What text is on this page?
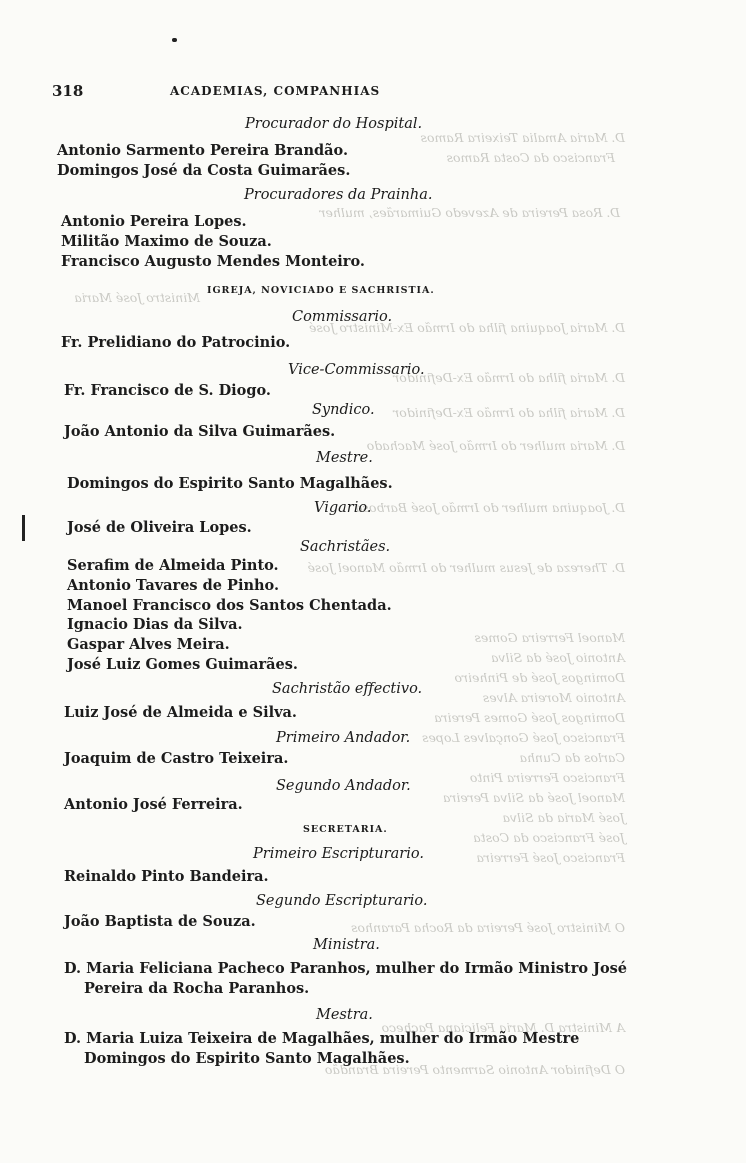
D. Maria Amalia Teixeira Ramos
Francisco da Costa Ramos
D. Rosa Pereira de Azevedo Guimarães, mulher
Ministro José Maria
D. Maria Joaquina filha do Irmão Ex-Ministro José
D. Maria filha do Irmão Ex-Definidor
D. Maria filha do Irmão Ex-Definidor
D. Maria mulher do Irmão José Machado
D. Joaquina mulher do Irmão José Barbosa
D. Thereza de Jesus mulher do Irmão Manoel José
Manoel Ferreira Gomes
Antonio José da Silva
Domingos José de Pinheiro
Antonio Moreira Alves
Domingos José Gomes Pereira
Francisco José Gonçalves Lopes
Carlos da Cunha
Francisco Ferreira Pinto
Manoel José da Silva Pereira
José Maria da Silva
José Francisco da Costa
Francisco José Ferreira
O Ministro José Pereira da Rocha Paranhos
A Ministra D. Maria Feliciana Pacheco
O Definidor Antonio Sarmento Pereira Brandão
318	ACADEMIAS, COMPANHIAS
Procurador do Hospital.
Antonio Sarmento Pereira Brandão.
Domingos José da Costa Guimarães.
Procuradores da Prainha.
Antonio Pereira Lopes.
Militão Maximo de Souza.
Francisco Augusto Mendes Monteiro.
IGREJA, NOVICIADO E SACHRISTIA.
Commissario.
Fr. Prelidiano do Patrocinio.
Vice-Commissario.
Fr. Francisco de S. Diogo.
Syndico.
João Antonio da Silva Guimarães.
Mestre.
Domingos do Espirito Santo Magalhães.
Vigario.
José de Oliveira Lopes.
Sachristães.
Serafim de Almeida Pinto.
Antonio Tavares de Pinho.
Manoel Francisco dos Santos Chentada.
Ignacio Dias da Silva.
Gaspar Alves Meira.
José Luiz Gomes Guimarães.
Sachristão effectivo.
Luiz José de Almeida e Silva.
Primeiro Andador.
Joaquim de Castro Teixeira.
Segundo Andador.
Antonio José Ferreira.
SECRETARIA.
Primeiro Escripturario.
Reinaldo Pinto Bandeira.
Segundo Escripturario.
João Baptista de Souza.
Ministra.
D. Maria Feliciana Pacheco Paranhos, mulher do Irmão Ministro José
Pereira da Rocha Paranhos.
Mestra.
D. Maria Luiza Teixeira de Magalhães, mulher do Irmão Mestre
Domingos do Espirito Santo Magalhães.
